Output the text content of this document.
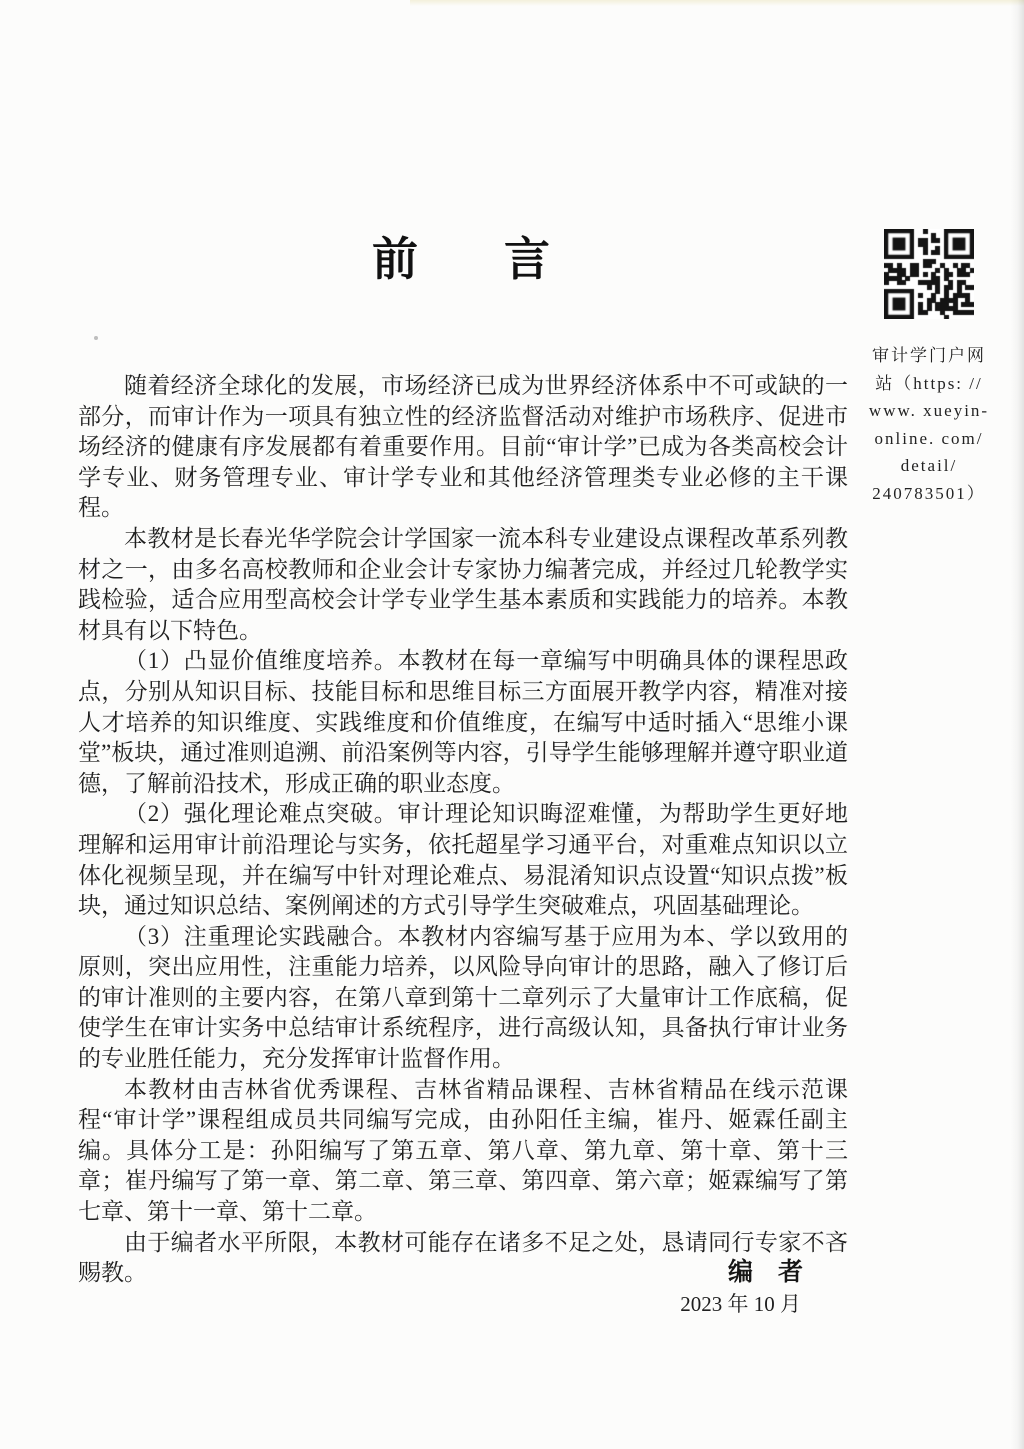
前 言
审计学门户网
站（https: //
www. xueyin-
online. com/
detail/
240783501）

随着经济全球化的发展，市场经济已成为世界经济体系中不可或缺的一部分，而审计作为一项具有独立性的经济监督活动对维护市场秩序、促进市场经济的健康有序发展都有着重要作用。目前“审计学”已成为各类高校会计学专业、财务管理专业、审计学专业和其他经济管理类专业必修的主干课程。

本教材是长春光华学院会计学国家一流本科专业建设点课程改革系列教材之一，由多名高校教师和企业会计专家协力编著完成，并经过几轮教学实践检验，适合应用型高校会计学专业学生基本素质和实践能力的培养。本教材具有以下特色。

（1）凸显价值维度培养。本教材在每一章编写中明确具体的课程思政点，分别从知识目标、技能目标和思维目标三方面展开教学内容，精准对接人才培养的知识维度、实践维度和价值维度，在编写中适时插入“思维小课堂”板块，通过准则追溯、前沿案例等内容，引导学生能够理解并遵守职业道德，了解前沿技术，形成正确的职业态度。

（2）强化理论难点突破。审计理论知识晦涩难懂，为帮助学生更好地理解和运用审计前沿理论与实务，依托超星学习通平台，对重难点知识以立体化视频呈现，并在编写中针对理论难点、易混淆知识点设置“知识点拨”板块，通过知识总结、案例阐述的方式引导学生突破难点，巩固基础理论。

（3）注重理论实践融合。本教材内容编写基于应用为本、学以致用的原则，突出应用性，注重能力培养，以风险导向审计的思路，融入了修订后的审计准则的主要内容，在第八章到第十二章列示了大量审计工作底稿，促使学生在审计实务中总结审计系统程序，进行高级认知，具备执行审计业务的专业胜任能力，充分发挥审计监督作用。

本教材由吉林省优秀课程、吉林省精品课程、吉林省精品在线示范课程“审计学”课程组成员共同编写完成，由孙阳任主编，崔丹、姬霖任副主编。具体分工是：孙阳编写了第五章、第八章、第九章、第十章、第十三章；崔丹编写了第一章、第二章、第三章、第四章、第六章；姬霖编写了第七章、第十一章、第十二章。

由于编者水平所限，本教材可能存在诸多不足之处，恳请同行专家不吝赐教。	编　者
2023 年 10 月
